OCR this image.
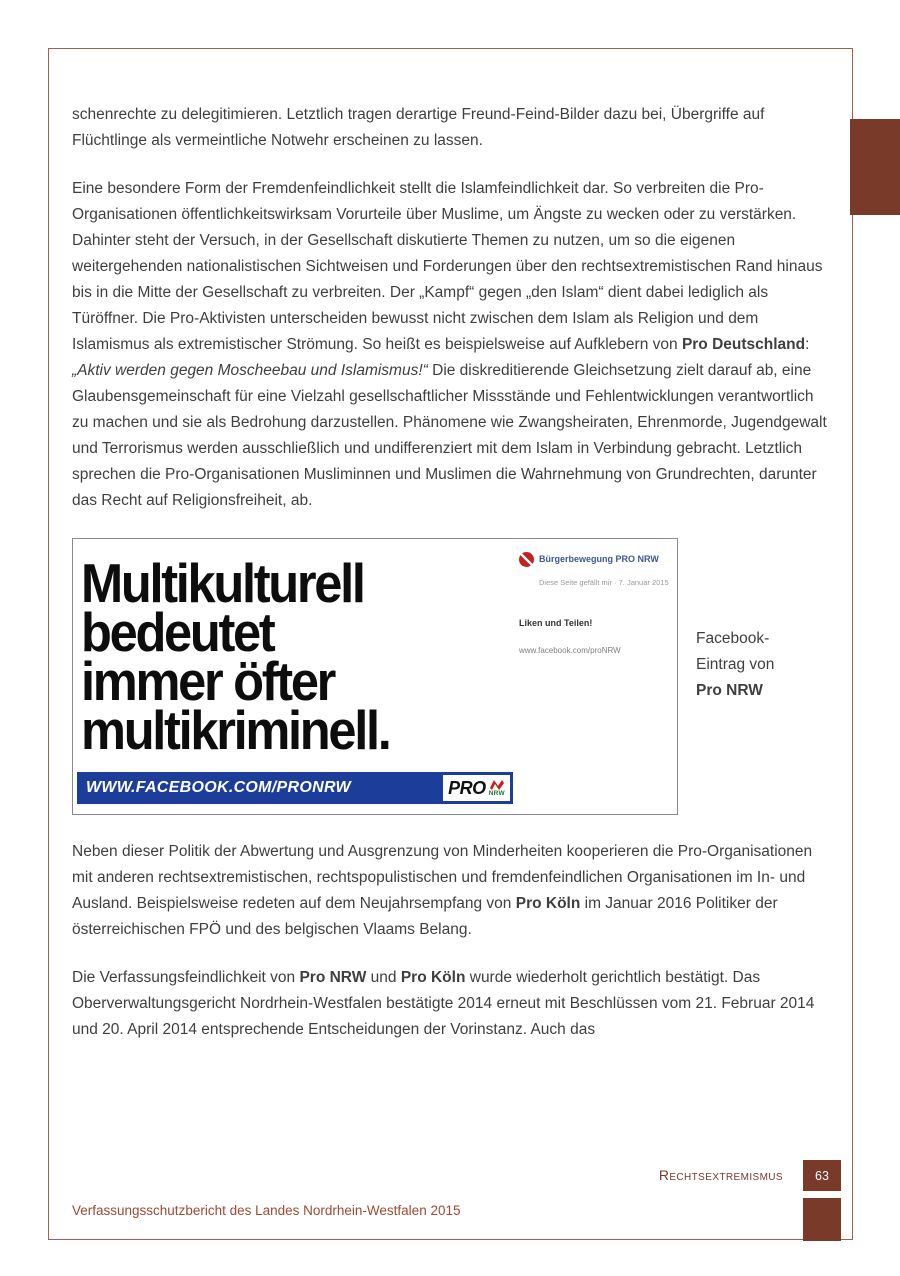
schenrechte zu delegitimieren. Letztlich tragen derartige Freund-Feind-Bilder dazu bei, Übergriffe auf Flüchtlinge als vermeintliche Notwehr erscheinen zu lassen.

Eine besondere Form der Fremdenfeindlichkeit stellt die Islamfeindlichkeit dar. So verbreiten die Pro-Organisationen öffentlichkeitswirksam Vorurteile über Muslime, um Ängste zu wecken oder zu verstärken. Dahinter steht der Versuch, in der Gesellschaft diskutierte Themen zu nutzen, um so die eigenen weitergehenden nationalistischen Sichtweisen und Forderungen über den rechtsextremistischen Rand hinaus bis in die Mitte der Gesellschaft zu verbreiten. Der „Kampf“ gegen „den Islam“ dient dabei lediglich als Türöffner. Die Pro-Aktivisten unterscheiden bewusst nicht zwischen dem Islam als Religion und dem Islamismus als extremistischer Strömung. So heißt es beispielsweise auf Aufklebern von Pro Deutschland: „Aktiv werden gegen Moscheebau und Islamismus!“ Die diskreditierende Gleichsetzung zielt darauf ab, eine Glaubensgemeinschaft für eine Vielzahl gesellschaftlicher Missstände und Fehlentwicklungen verantwortlich zu machen und sie als Bedrohung darzustellen. Phänomene wie Zwangsheiraten, Ehrenmorde, Jugendgewalt und Terrorismus werden ausschließlich und undifferenziert mit dem Islam in Verbindung gebracht. Letztlich sprechen die Pro-Organisationen Musliminnen und Muslimen die Wahrnehmung von Grundrechten, darunter das Recht auf Religionsfreiheit, ab.

Multikulturell
bedeutet
immer öfter
multikriminell.
Bürgerbewegung PRO NRW
Diese Seite gefällt mir · 7. Januar 2015
Liken und Teilen!
www.facebook.com/proNRW
WWW.FACEBOOK.COM/PRONRW	PRO NRW
Facebook-
Eintrag von
Pro NRW

Neben dieser Politik der Abwertung und Ausgrenzung von Minderheiten kooperieren die Pro-Organisationen mit anderen rechtsextremistischen, rechtspopulistischen und fremdenfeindlichen Organisationen im In- und Ausland. Beispielsweise redeten auf dem Neujahrsempfang von Pro Köln im Januar 2016 Politiker der österreichischen FPÖ und des belgischen Vlaams Belang.

Die Verfassungsfeindlichkeit von Pro NRW und Pro Köln wurde wiederholt gerichtlich bestätigt. Das Oberverwaltungsgericht Nordrhein-Westfalen bestätigte 2014 erneut mit Beschlüssen vom 21. Februar 2014 und 20. April 2014 entsprechende Entscheidungen der Vorinstanz. Auch das

Rechtsextremismus	63
Verfassungsschutzbericht des Landes Nordrhein-Westfalen 2015
